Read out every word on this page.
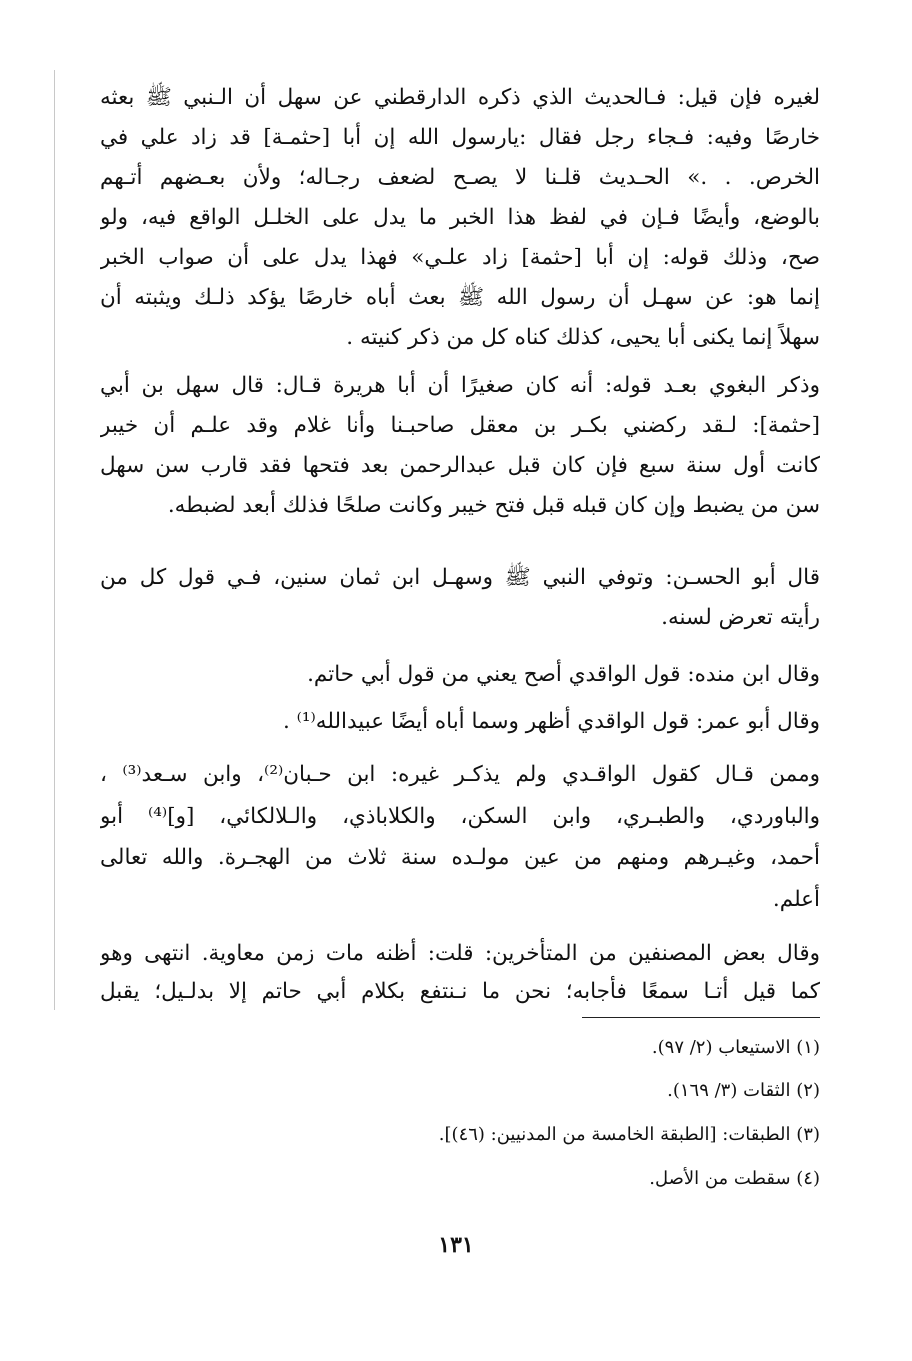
لغيره فإن قيل: فـالحديث الذي ذكره الدارقطني عن سهل أن الـنبي ﷺ بعثه
خارصًا وفيه: فـجاء رجل فقال :يارسول الله إن أبا [حثمـة] قد زاد علي في
الخرص. . .» الحـديث قلـنا لا يصـح لضعف رجـاله؛ ولأن بعـضهم أتـهم
بالوضع، وأيضًا فـإن في لفظ هذا الخبر ما يدل على الخلـل الواقع فيه، ولو
صح، وذلك قوله: إن أبا [حثمة] زاد علـي» فهذا يدل على أن صواب الخبر
إنما هو: عن سهـل أن رسول الله ﷺ بعث أباه خارصًا يؤكد ذلـك ويثبته أن
سهلاً إنما يكنى أبا يحيى، كذلك كناه كل من ذكر كنيته .
وذكر البغوي بعـد قوله: أنه كان صغيرًا أن أبا هريرة قـال: قال سهل بن أبي
[حثمة]: لـقد ركضني بكـر بن معقل صاحبـنا وأنا غلام وقد علـم أن خيبر
كانت أول سنة سبع فإن كان قبل عبدالرحمن بعد فتحها فقد قارب سن سهل
سن من يضبط وإن كان قبله قبل فتح خيبر وكانت صلحًا فذلك أبعد لضبطه.
قال أبو الحسـن: وتوفي النبي ﷺ وسهـل ابن ثمان سنين، فـي قول كل من
رأيته تعرض لسنه.
وقال ابن منده: قول الواقدي أصح يعني من قول أبي حاتم.
وقال أبو عمر: قول الواقدي أظهر وسما أباه أيضًا عبيدالله⁽¹⁾ .
وممن قـال كقول الواقـدي ولم يذكـر غيره: ابن حـبان⁽²⁾، وابن سـعد⁽³⁾ ،
والباوردي، والطبـري، وابن السكن، والكلاباذي، والـلالكائي، [و]⁽⁴⁾ أبو
أحمد، وغيـرهم ومنهم من عين مولـده سنة ثلاث من الهجـرة. والله تعالى
أعلم.
وقال بعض المصنفين من المتأخرين: قلت: أظنه مات زمن معاوية. انتهى وهو
كما قيل أتـا سمعًا فأجابه؛ نحن ما نـنتفع بكلام أبي حاتم إلا بدلـيل؛ يقبل
(١) الاستيعاب (٢/ ٩٧).
(٢) الثقات (٣/ ١٦٩).
(٣) الطبقات: [الطبقة الخامسة من المدنيين: (٤٦)].
(٤) سقطت من الأصل.
١٣١
